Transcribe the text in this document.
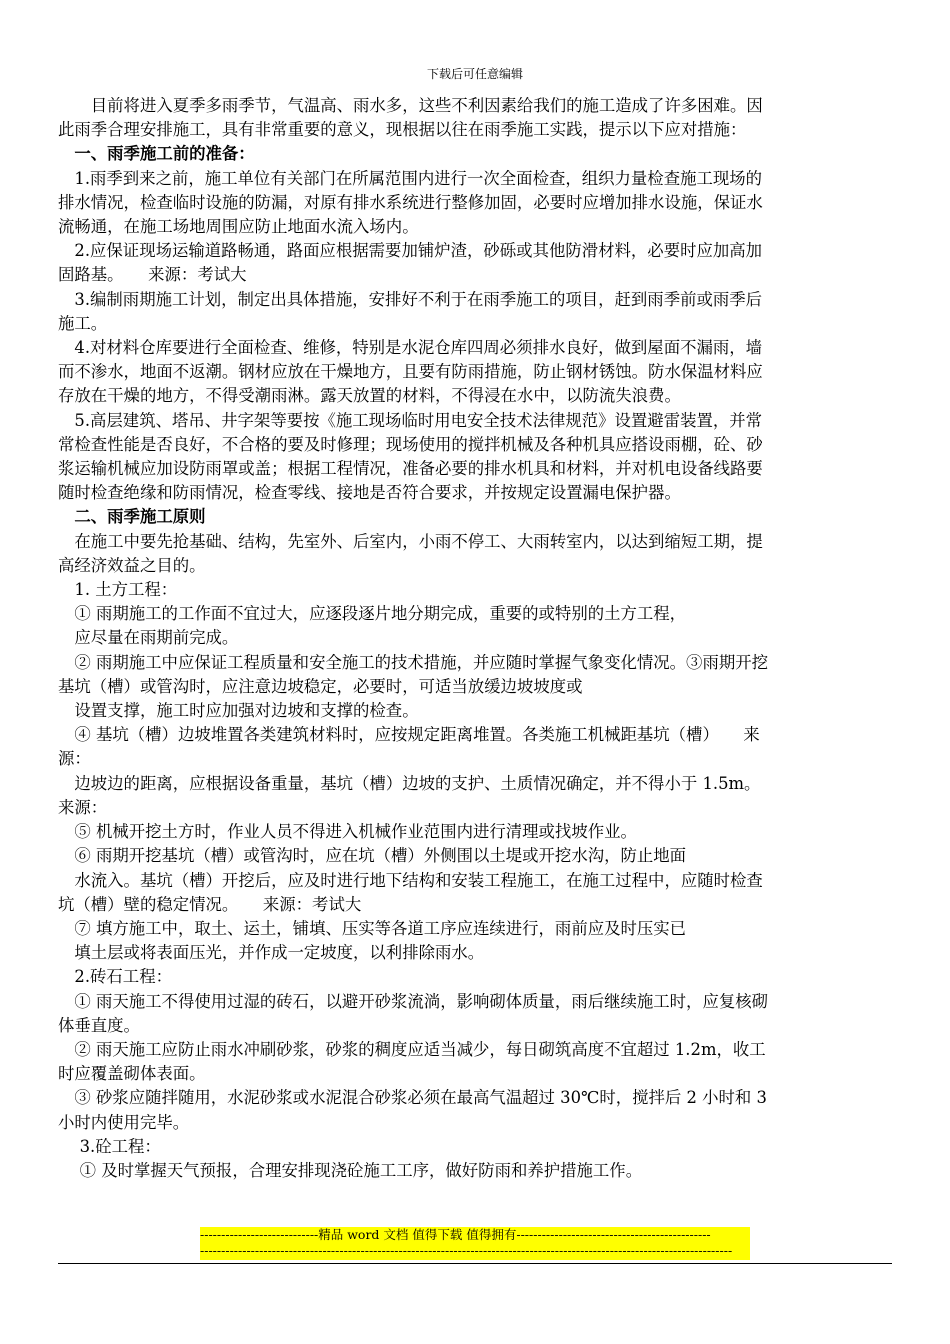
下载后可任意编辑

　　目前将进入夏季多雨季节，气温高、雨水多，这些不利因素给我们的施工造成了许多困难。因

此雨季合理安排施工，具有非常重要的意义，现根据以往在雨季施工实践，提示以下应对措施：

　一、雨季施工前的准备：

　1.雨季到来之前，施工单位有关部门在所属范围内进行一次全面检查，组织力量检查施工现场的

排水情况，检查临时设施的防漏，对原有排水系统进行整修加固，必要时应增加排水设施，保证水

流畅通，在施工场地周围应防止地面水流入场内。

　2.应保证现场运输道路畅通，路面应根据需要加铺炉渣，砂砾或其他防滑材料，必要时应加高加

固路基。　　来源：考试大

　3.编制雨期施工计划，制定出具体措施，安排好不利于在雨季施工的项目，赶到雨季前或雨季后

施工。

　4.对材料仓库要进行全面检查、维修，特别是水泥仓库四周必须排水良好，做到屋面不漏雨，墙

而不渗水，地面不返潮。钢材应放在干燥地方，且要有防雨措施，防止钢材锈蚀。防水保温材料应

存放在干燥的地方，不得受潮雨淋。露天放置的材料，不得浸在水中，以防流失浪费。

　5.高层建筑、塔吊、井字架等要按《施工现场临时用电安全技术法律规范》设置避雷装置，并常

常检查性能是否良好，不合格的要及时修理；现场使用的搅拌机械及各种机具应搭设雨棚，砼、砂

浆运输机械应加设防雨罩或盖；根据工程情况，准备必要的排水机具和材料，并对机电设备线路要

随时检查绝缘和防雨情况，检查零线、接地是否符合要求，并按规定设置漏电保护器。

　二、雨季施工原则

　在施工中要先抢基础、结构，先室外、后室内，小雨不停工、大雨转室内，以达到缩短工期，提

高经济效益之目的。

　1. 土方工程：

　① 雨期施工的工作面不宜过大，应逐段逐片地分期完成，重要的或特别的土方工程，

　应尽量在雨期前完成。

　② 雨期施工中应保证工程质量和安全施工的技术措施，并应随时掌握气象变化情况。③雨期开挖

基坑（槽）或管沟时，应注意边坡稳定，必要时，可适当放缓边坡坡度或

　设置支撑，施工时应加强对边坡和支撑的检查。

　④ 基坑（槽）边坡堆置各类建筑材料时，应按规定距离堆置。各类施工机械距基坑（槽）　　来

源：

　边坡边的距离，应根据设备重量，基坑（槽）边坡的支护、土质情况确定，并不得小于 1.5m。

来源：

　⑤ 机械开挖土方时，作业人员不得进入机械作业范围内进行清理或找坡作业。

　⑥ 雨期开挖基坑（槽）或管沟时，应在坑（槽）外侧围以土堤或开挖水沟，防止地面

　水流入。基坑（槽）开挖后，应及时进行地下结构和安装工程施工，在施工过程中，应随时检查

坑（槽）壁的稳定情况。　　来源：考试大

　⑦ 填方施工中，取土、运土，铺填、压实等各道工序应连续进行，雨前应及时压实已

　填土层或将表面压光，并作成一定坡度，以利排除雨水。

　2.砖石工程：

　① 雨天施工不得使用过湿的砖石，以避开砂浆流淌，影响砌体质量，雨后继续施工时，应复核砌

体垂直度。

　② 雨天施工应防止雨水冲刷砂浆，砂浆的稠度应适当减少，每日砌筑高度不宜超过 1.2m，收工

时应覆盖砌体表面。

　③ 砂浆应随拌随用，水泥砂浆或水泥混合砂浆必须在最高气温超过 30℃时，搅拌后 2 小时和 3

小时内使用完毕。

　 3.砼工程：

　 ① 及时掌握天气预报，合理安排现浇砼施工工序，做好防雨和养护措施工作。

----------------------------精品 word 文档 值得下载 值得拥有----------------------------------------------
------------------------------------------------------------------------------------------------------------------------------
